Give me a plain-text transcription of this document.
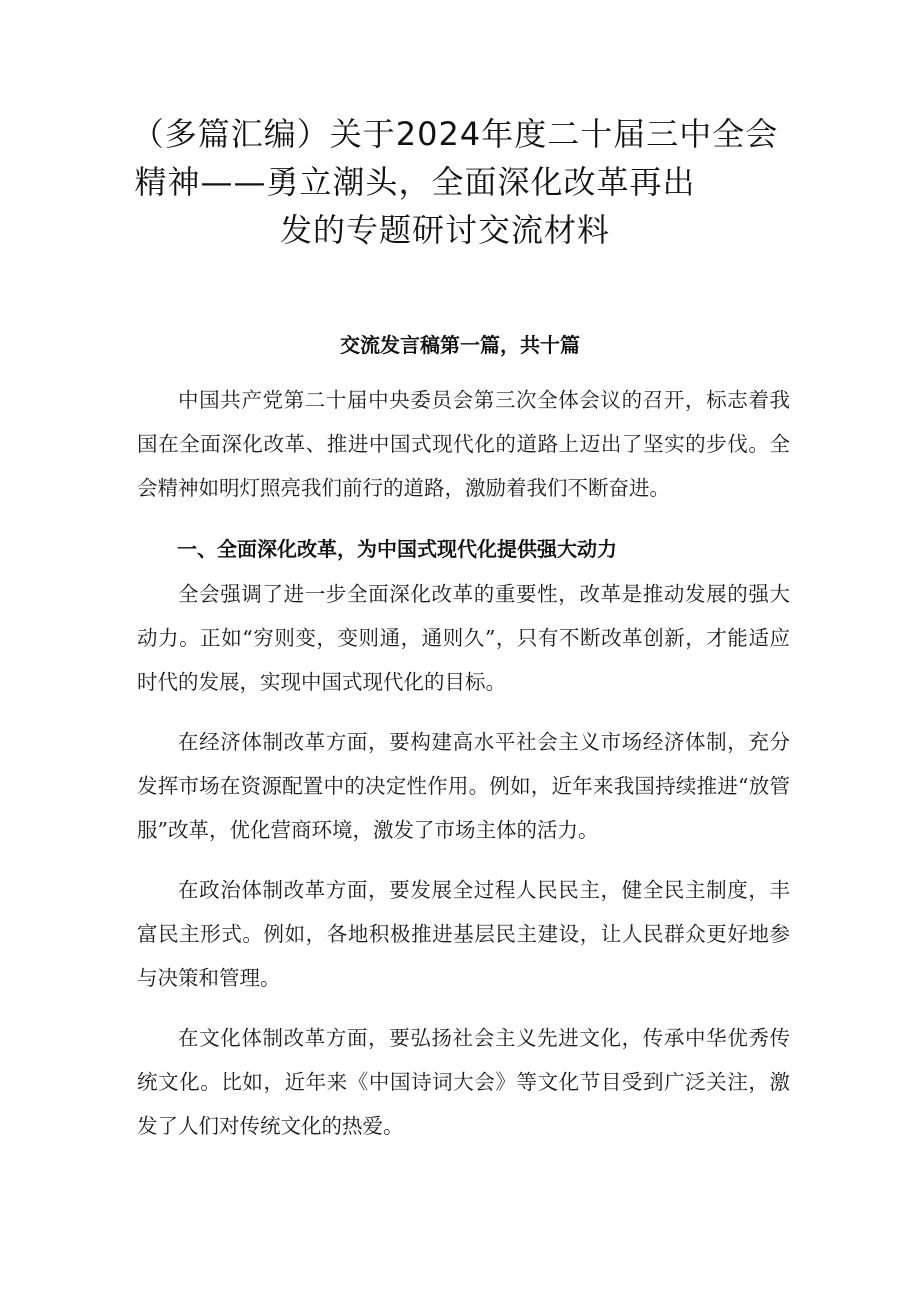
（多篇汇编）关于2024年度二十届三中全会
精神——勇立潮头，全面深化改革再出
发的专题研讨交流材料
交流发言稿第一篇，共十篇

中国共产党第二十届中央委员会第三次全体会议的召开，标志着我国在全面深化改革、推进中国式现代化的道路上迈出了坚实的步伐。全会精神如明灯照亮我们前行的道路，激励着我们不断奋进。

一、全面深化改革，为中国式现代化提供强大动力

全会强调了进一步全面深化改革的重要性，改革是推动发展的强大动力。正如“穷则变，变则通，通则久”，只有不断改革创新，才能适应时代的发展，实现中国式现代化的目标。

在经济体制改革方面，要构建高水平社会主义市场经济体制，充分发挥市场在资源配置中的决定性作用。例如，近年来我国持续推进“放管服”改革，优化营商环境，激发了市场主体的活力。

在政治体制改革方面，要发展全过程人民民主，健全民主制度，丰富民主形式。例如，各地积极推进基层民主建设，让人民群众更好地参与决策和管理。

在文化体制改革方面，要弘扬社会主义先进文化，传承中华优秀传统文化。比如，近年来《中国诗词大会》等文化节目受到广泛关注，激发了人们对传统文化的热爱。
